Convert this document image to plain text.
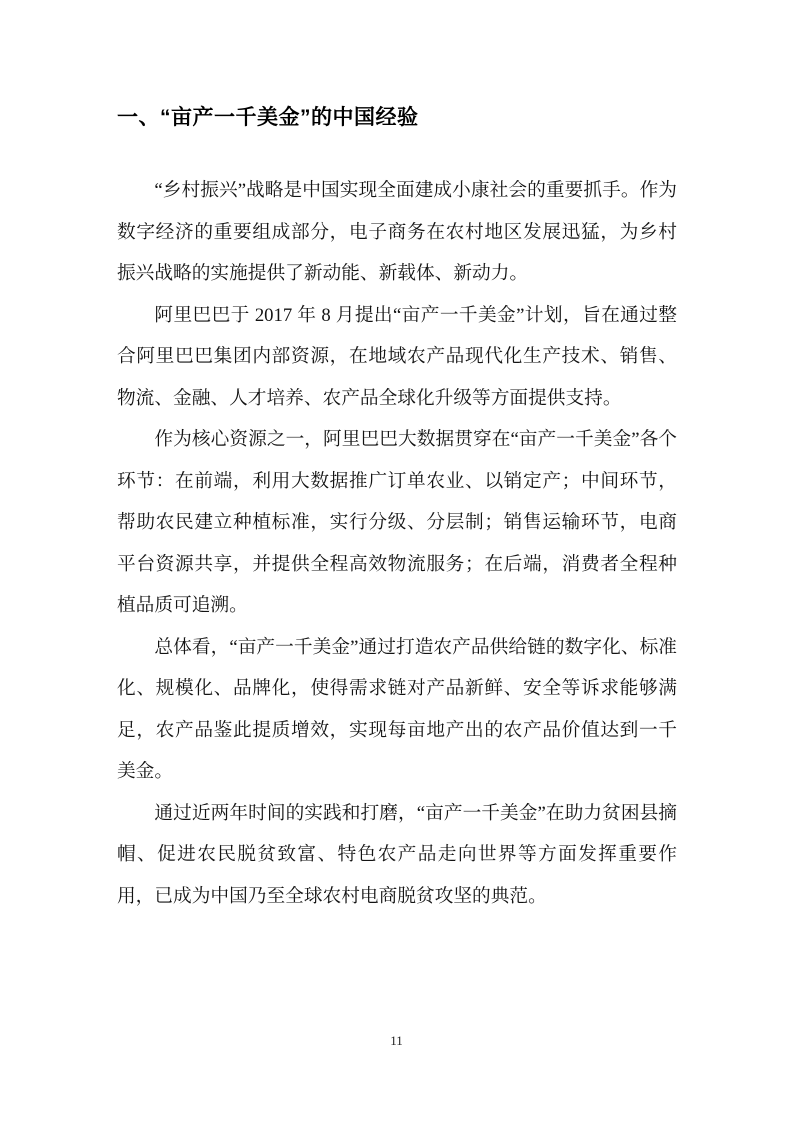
一、“亩产一千美金”的中国经验

“乡村振兴”战略是中国实现全面建成小康社会的重要抓手。作为数字经济的重要组成部分，电子商务在农村地区发展迅猛，为乡村振兴战略的实施提供了新动能、新载体、新动力。

阿里巴巴于 2017 年 8 月提出“亩产一千美金”计划，旨在通过整合阿里巴巴集团内部资源，在地域农产品现代化生产技术、销售、物流、金融、人才培养、农产品全球化升级等方面提供支持。

作为核心资源之一，阿里巴巴大数据贯穿在“亩产一千美金”各个环节：在前端，利用大数据推广订单农业、以销定产；中间环节，帮助农民建立种植标准，实行分级、分层制；销售运输环节，电商平台资源共享，并提供全程高效物流服务；在后端，消费者全程种植品质可追溯。

总体看，“亩产一千美金”通过打造农产品供给链的数字化、标准化、规模化、品牌化，使得需求链对产品新鲜、安全等诉求能够满足，农产品鉴此提质增效，实现每亩地产出的农产品价值达到一千美金。

通过近两年时间的实践和打磨，“亩产一千美金”在助力贫困县摘帽、促进农民脱贫致富、特色农产品走向世界等方面发挥重要作用，已成为中国乃至全球农村电商脱贫攻坚的典范。

11
